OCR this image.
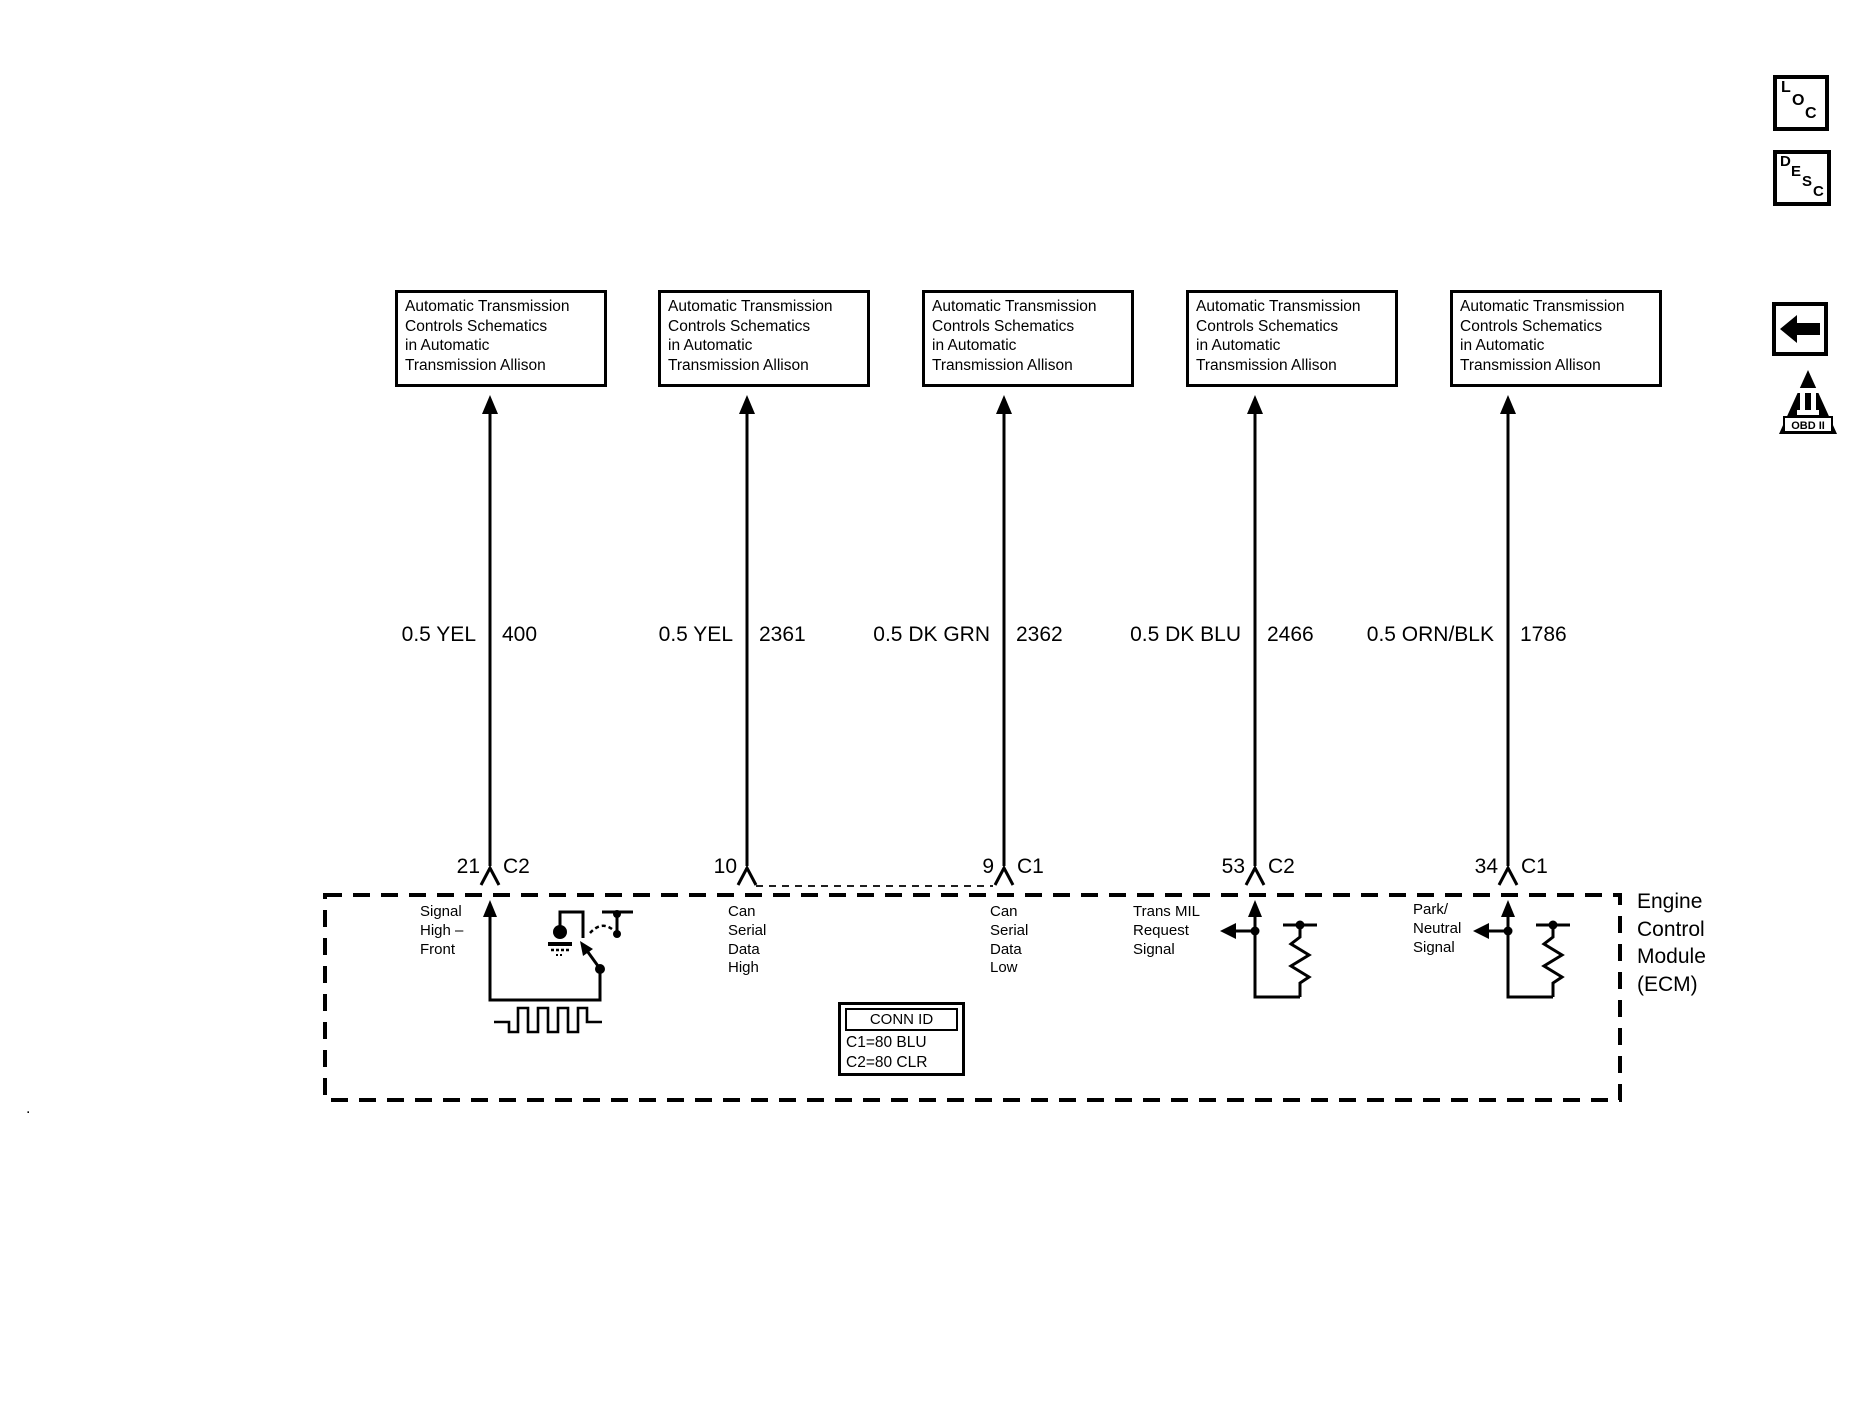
L
O
C
D
E
S
C
OBD II
Automatic Transmission
Controls Schematics
in Automatic
Transmission Allison
Automatic Transmission
Controls Schematics
in Automatic
Transmission Allison
Automatic Transmission
Controls Schematics
in Automatic
Transmission Allison
Automatic Transmission
Controls Schematics
in Automatic
Transmission Allison
Automatic Transmission
Controls Schematics
in Automatic
Transmission Allison
0.5 YEL 400	0.5 YEL 2361	0.5 DK GRN 2362	0.5 DK BLU 2466	0.5 ORN/BLK 1786
21 C2	10	9 C1	53 C2	34 C1
Signal
High –
Front
Can
Serial
Data
High
Can
Serial
Data
Low
Trans MIL
Request
Signal
Park/
Neutral
Signal
CONN ID
C1=80 BLU
C2=80 CLR
Engine
Control
Module
(ECM)
.
